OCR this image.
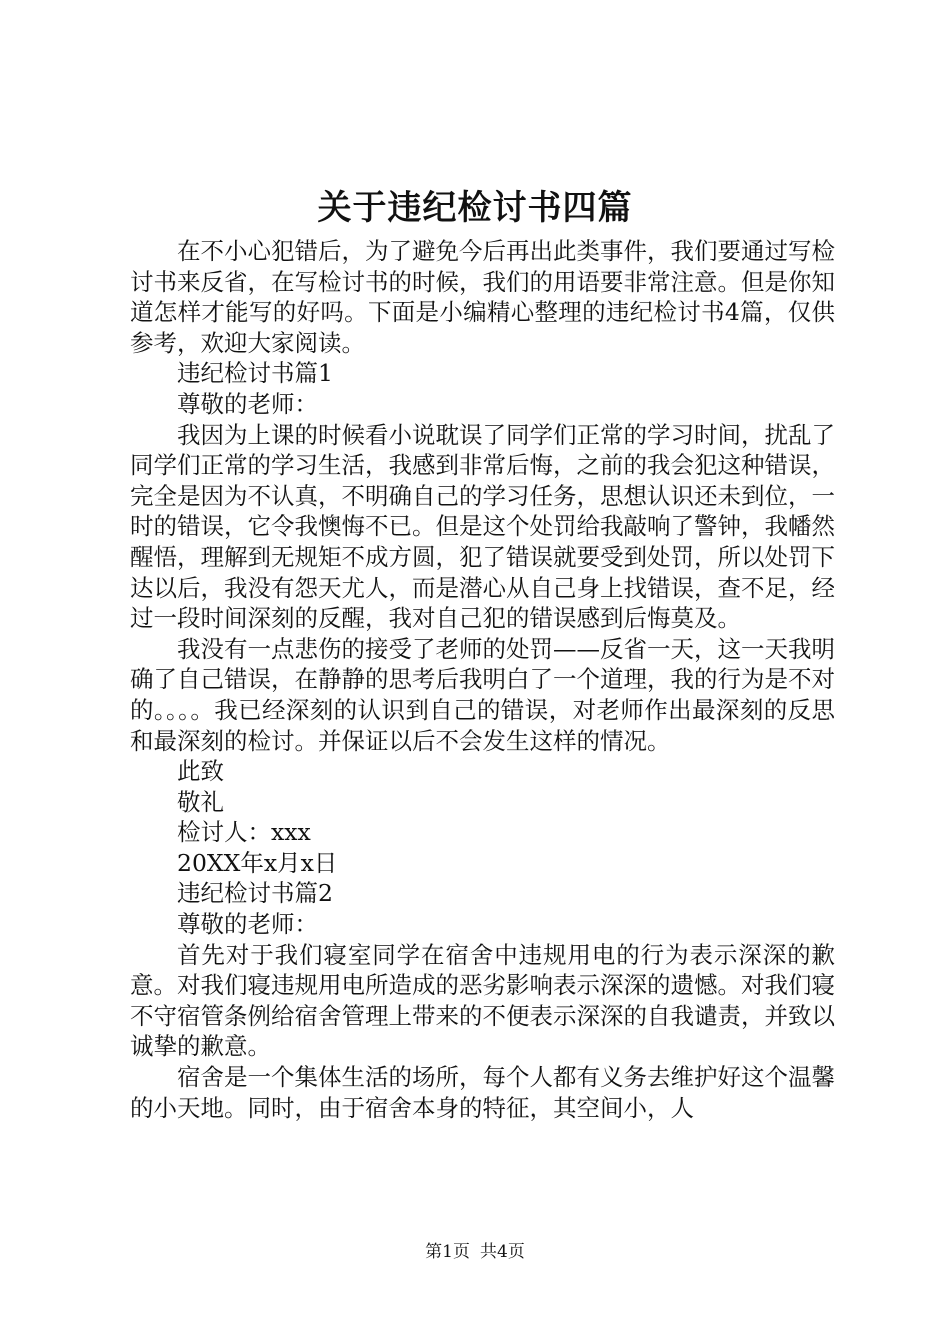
关于违纪检讨书四篇

在不小心犯错后，为了避免今后再出此类事件，我们要通过写检讨书来反省，在写检讨书的时候，我们的用语要非常注意。但是你知道怎样才能写的好吗。下面是小编精心整理的违纪检讨书4篇，仅供参考，欢迎大家阅读。

违纪检讨书篇1

尊敬的老师：

我因为上课的时候看小说耽误了同学们正常的学习时间，扰乱了同学们正常的学习生活，我感到非常后悔，之前的我会犯这种错误，完全是因为不认真，不明确自己的学习任务，思想认识还未到位，一时的错误，它令我懊悔不已。但是这个处罚给我敲响了警钟，我幡然醒悟，理解到无规矩不成方圆，犯了错误就要受到处罚，所以处罚下达以后，我没有怨天尤人，而是潜心从自己身上找错误，查不足，经过一段时间深刻的反醒，我对自己犯的错误感到后悔莫及。

我没有一点悲伤的接受了老师的处罚——反省一天，这一天我明确了自己错误，在静静的思考后我明白了一个道理，我的行为是不对的。。。。我已经深刻的认识到自己的错误，对老师作出最深刻的反思和最深刻的检讨。并保证以后不会发生这样的情况。

此致

敬礼

检讨人：xxx

20XX年x月x日

违纪检讨书篇2

尊敬的老师：

首先对于我们寝室同学在宿舍中违规用电的行为表示深深的歉意。对我们寝违规用电所造成的恶劣影响表示深深的遗憾。对我们寝不守宿管条例给宿舍管理上带来的不便表示深深的自我谴责，并致以诚挚的歉意。

宿舍是一个集体生活的场所，每个人都有义务去维护好这个温馨的小天地。同时，由于宿舍本身的特征，其空间小，人

第1页 共4页
